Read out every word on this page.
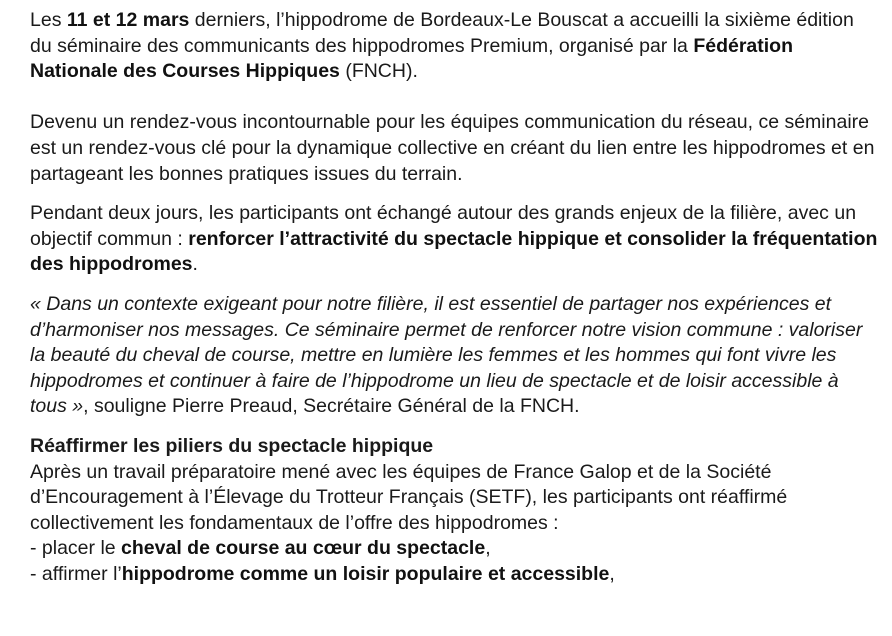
Les 11 et 12 mars derniers, l’hippodrome de Bordeaux-Le Bouscat a accueilli la sixième édition du séminaire des communicants des hippodromes Premium, organisé par la Fédération Nationale des Courses Hippiques (FNCH).

Devenu un rendez-vous incontournable pour les équipes communication du réseau, ce séminaire est un rendez-vous clé pour la dynamique collective en créant du lien entre les hippodromes et en partageant les bonnes pratiques issues du terrain.

Pendant deux jours, les participants ont échangé autour des grands enjeux de la filière, avec un objectif commun : renforcer l’attractivité du spectacle hippique et consolider la fréquentation des hippodromes.

« Dans un contexte exigeant pour notre filière, il est essentiel de partager nos expériences et d’harmoniser nos messages. Ce séminaire permet de renforcer notre vision commune : valoriser la beauté du cheval de course, mettre en lumière les femmes et les hommes qui font vivre les hippodromes et continuer à faire de l’hippodrome un lieu de spectacle et de loisir accessible à tous », souligne Pierre Preaud, Secrétaire Général de la FNCH.

Réaffirmer les piliers du spectacle hippique

Après un travail préparatoire mené avec les équipes de France Galop et de la Société d’Encouragement à l’Élevage du Trotteur Français (SETF), les participants ont réaffirmé collectivement les fondamentaux de l’offre des hippodromes :

- placer le cheval de course au cœur du spectacle,
- affirmer l’hippodrome comme un loisir populaire et accessible,
